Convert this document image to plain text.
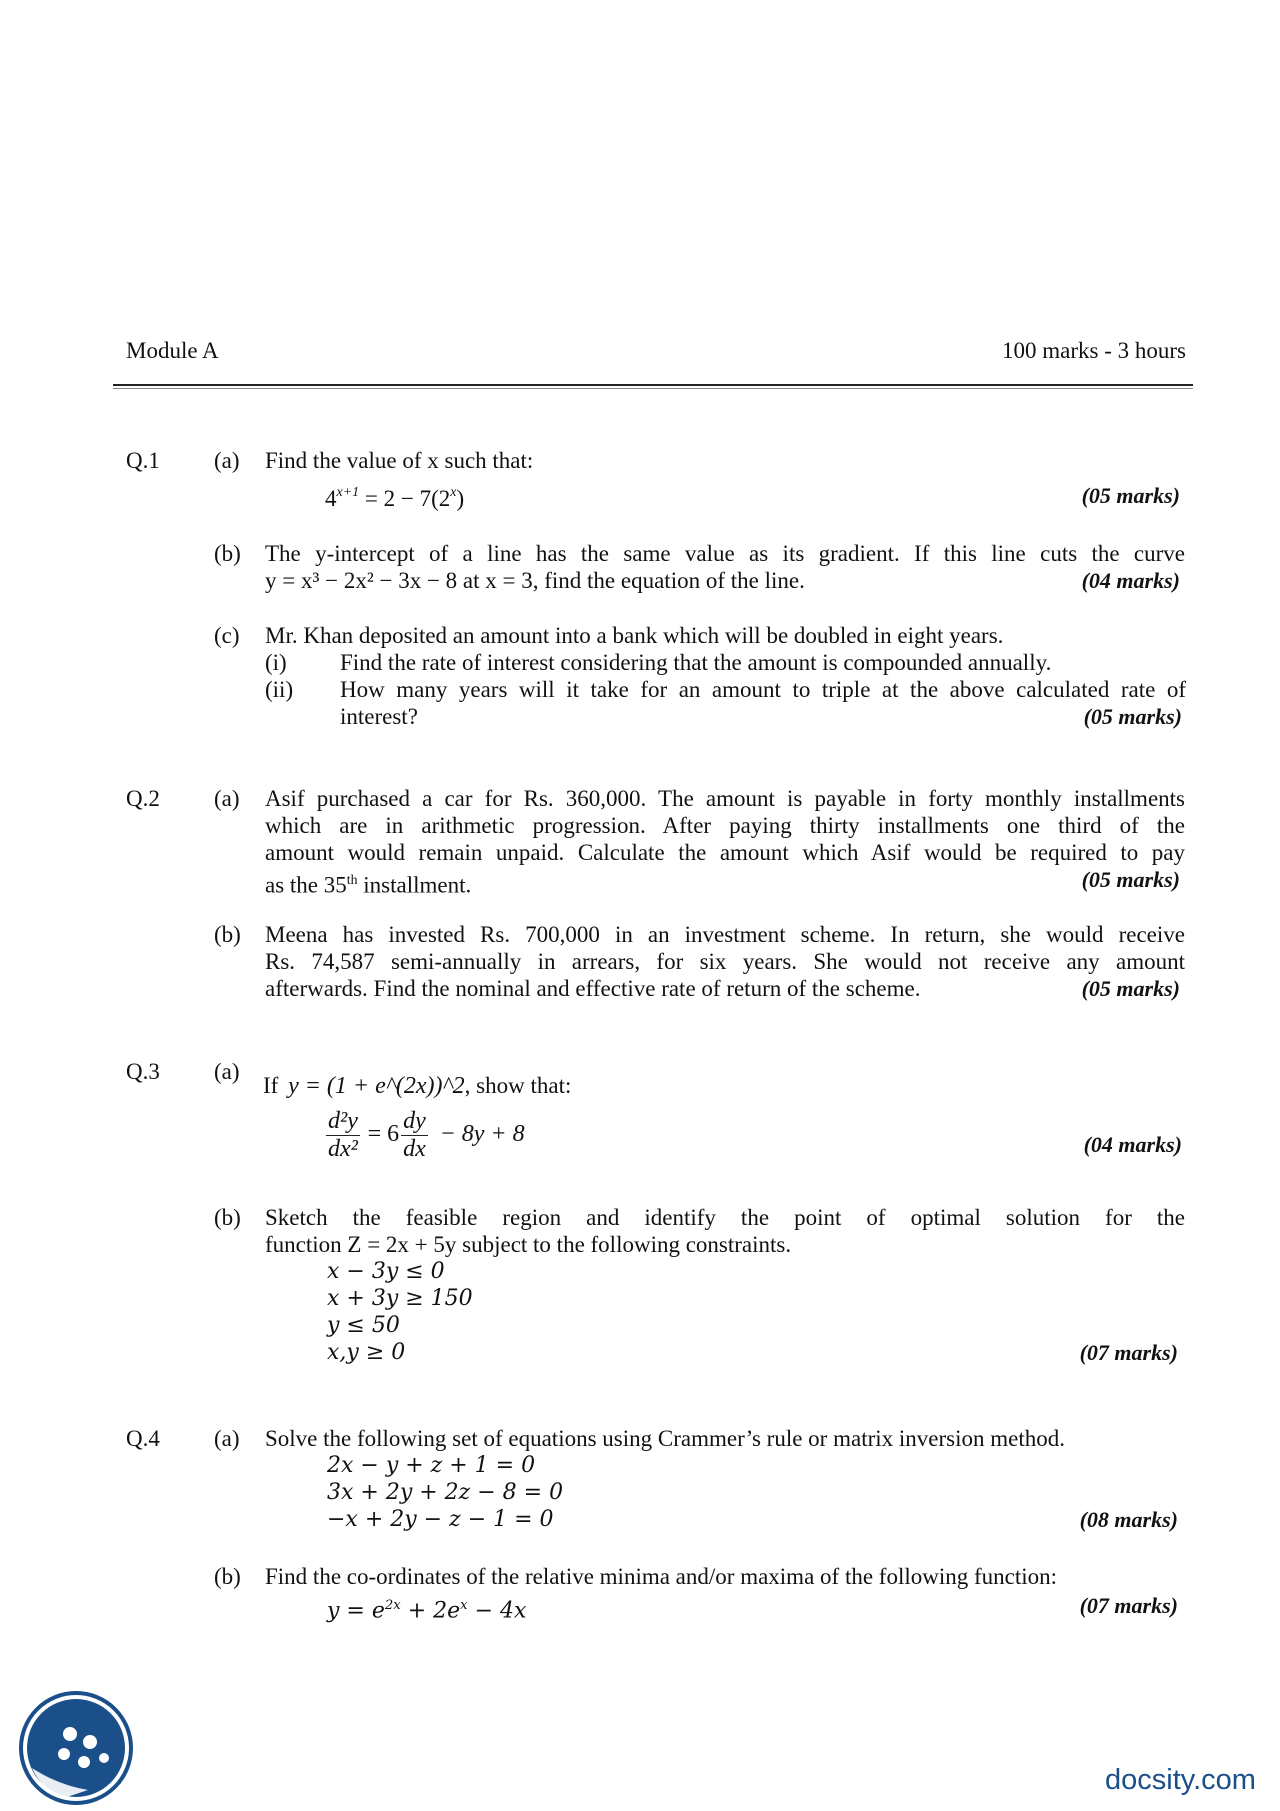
Module A	100 marks - 3 hours
Q.1 (a) Find the value of x such that:
$4^{x+1} = 2 - 7(2^x)$	(05 marks)
(b) The y-intercept of a line has the same value as its gradient. If this line cuts the curve
y = x³ − 2x² − 3x − 8 at x = 3, find the equation of the line.	(04 marks)
(c) Mr. Khan deposited an amount into a bank which will be doubled in eight years.
(i) Find the rate of interest considering that the amount is compounded annually.
(ii) How many years will it take for an amount to triple at the above calculated rate of
interest?	(05 marks)
Q.2 (a) Asif purchased a car for Rs. 360,000. The amount is payable in forty monthly installments
which are in arithmetic progression. After paying thirty installments one third of the
amount would remain unpaid. Calculate the amount which Asif would be required to pay
as the 35th installment.	(05 marks)
(b) Meena has invested Rs. 700,000 in an investment scheme. In return, she would receive
Rs. 74,587 semi-annually in arrears, for six years. She would not receive any amount
afterwards. Find the nominal and effective rate of return of the scheme.	(05 marks)
Q.3 (a)
If y = (1 + e^(2x))^2, show that:
$\frac{\text{d²y}}{\text{dx²}} = 6 \frac{dy}{dx} - 8y + 8$	(04 marks)
(b) Sketch the feasible region and identify the point of optimal solution for the
function Z = 2x + 5y subject to the following constraints.
x − 3y ≤ 0
x + 3y ≥ 150
y ≤ 50
x,y ≥ 0	(07 marks)
Q.4 (a) Solve the following set of equations using Crammer’s rule or matrix inversion method.
2x − y + z + 1 = 0
3x + 2y + 2z − 8 = 0
−x + 2y − z − 1 = 0	(08 marks)
(b) Find the co-ordinates of the relative minima and/or maxima of the following function:
$y = e^{2x} + 2e^x - 4x$	(07 marks)
docsity.com
